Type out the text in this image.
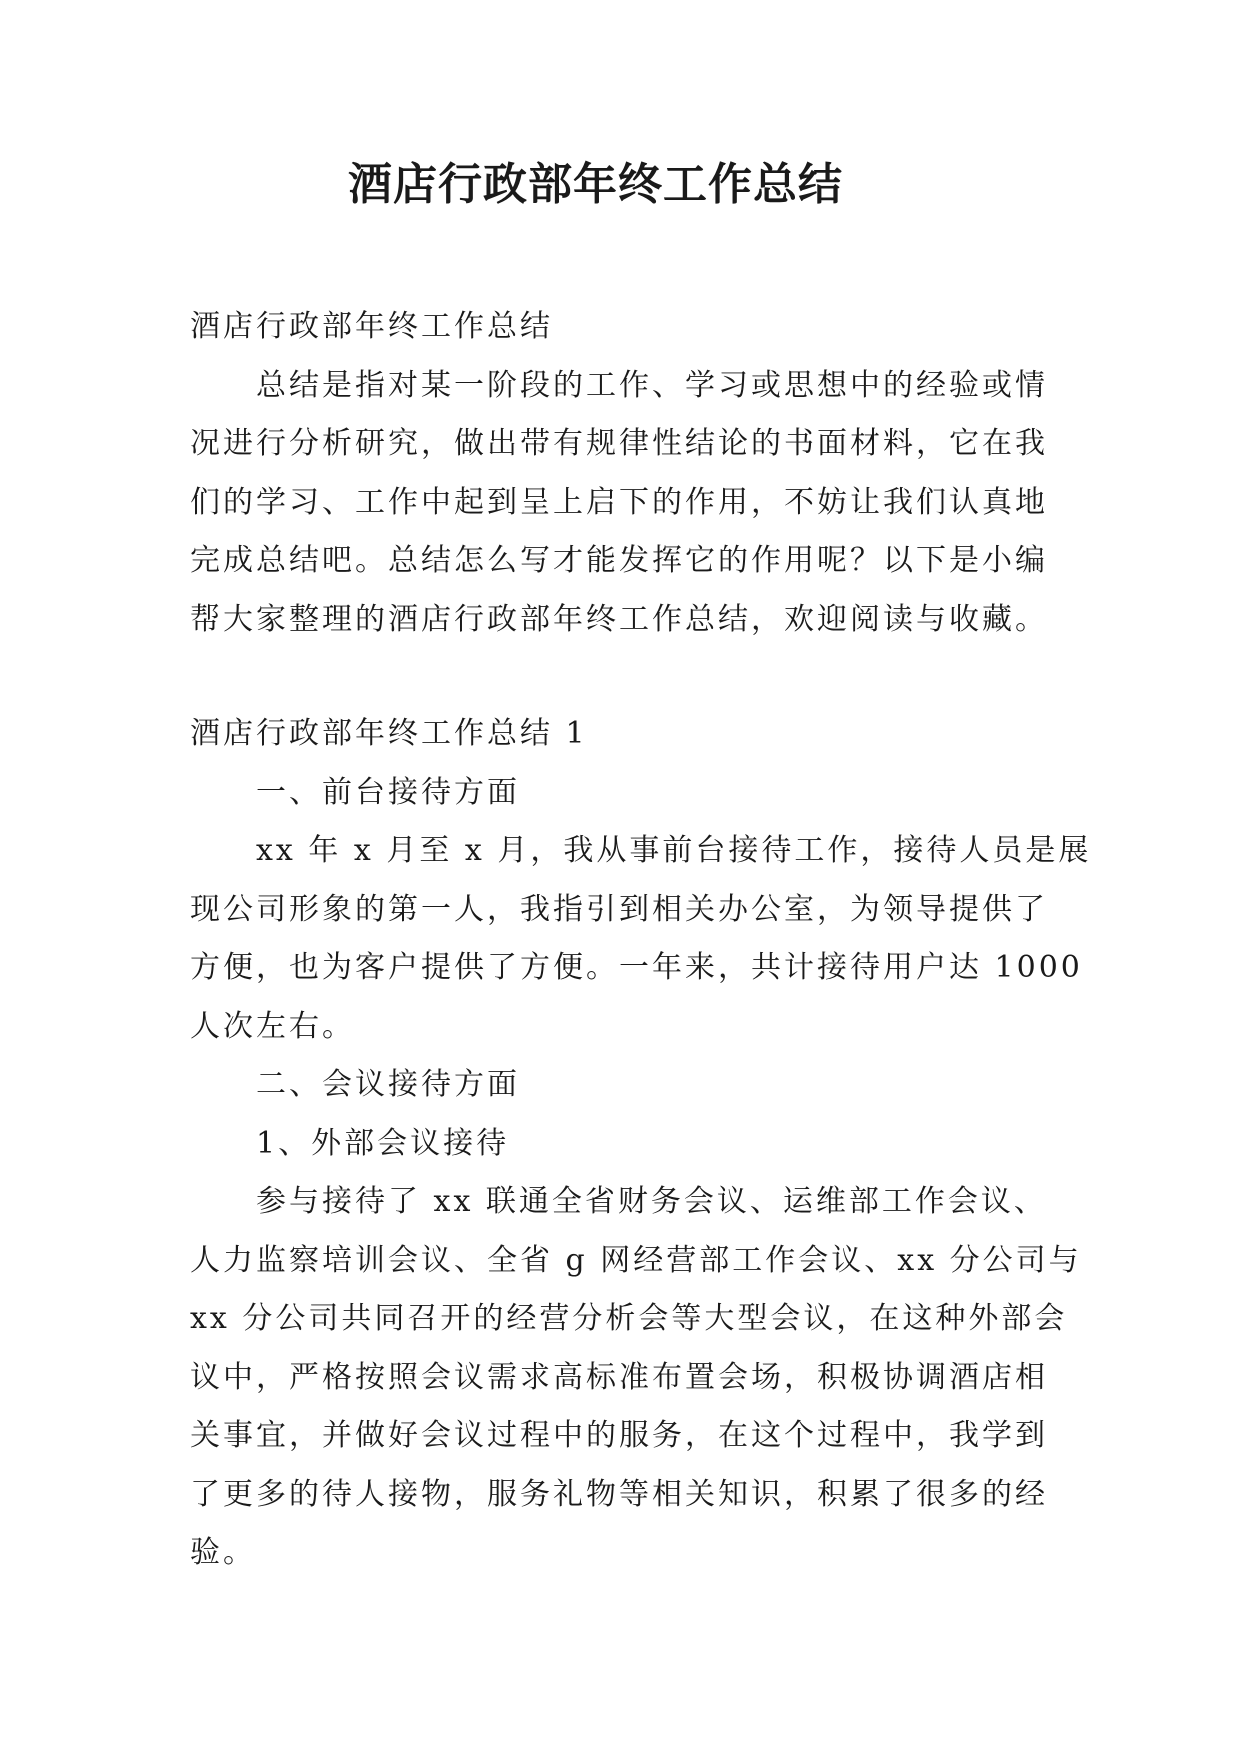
酒店行政部年终工作总结

酒店行政部年终工作总结

总结是指对某一阶段的工作、学习或思想中的经验或情

况进行分析研究，做出带有规律性结论的书面材料，它在我

们的学习、工作中起到呈上启下的作用，不妨让我们认真地

完成总结吧。总结怎么写才能发挥它的作用呢？以下是小编

帮大家整理的酒店行政部年终工作总结，欢迎阅读与收藏。

酒店行政部年终工作总结 1

一、前台接待方面

xx 年 x 月至 x 月，我从事前台接待工作，接待人员是展

现公司形象的第一人，我指引到相关办公室，为领导提供了

方便，也为客户提供了方便。一年来，共计接待用户达 1000

人次左右。

二、会议接待方面

1、外部会议接待

参与接待了 xx 联通全省财务会议、运维部工作会议、

人力监察培训会议、全省 g 网经营部工作会议、xx 分公司与

xx 分公司共同召开的经营分析会等大型会议，在这种外部会

议中，严格按照会议需求高标准布置会场，积极协调酒店相

关事宜，并做好会议过程中的服务，在这个过程中，我学到

了更多的待人接物，服务礼物等相关知识，积累了很多的经

验。
